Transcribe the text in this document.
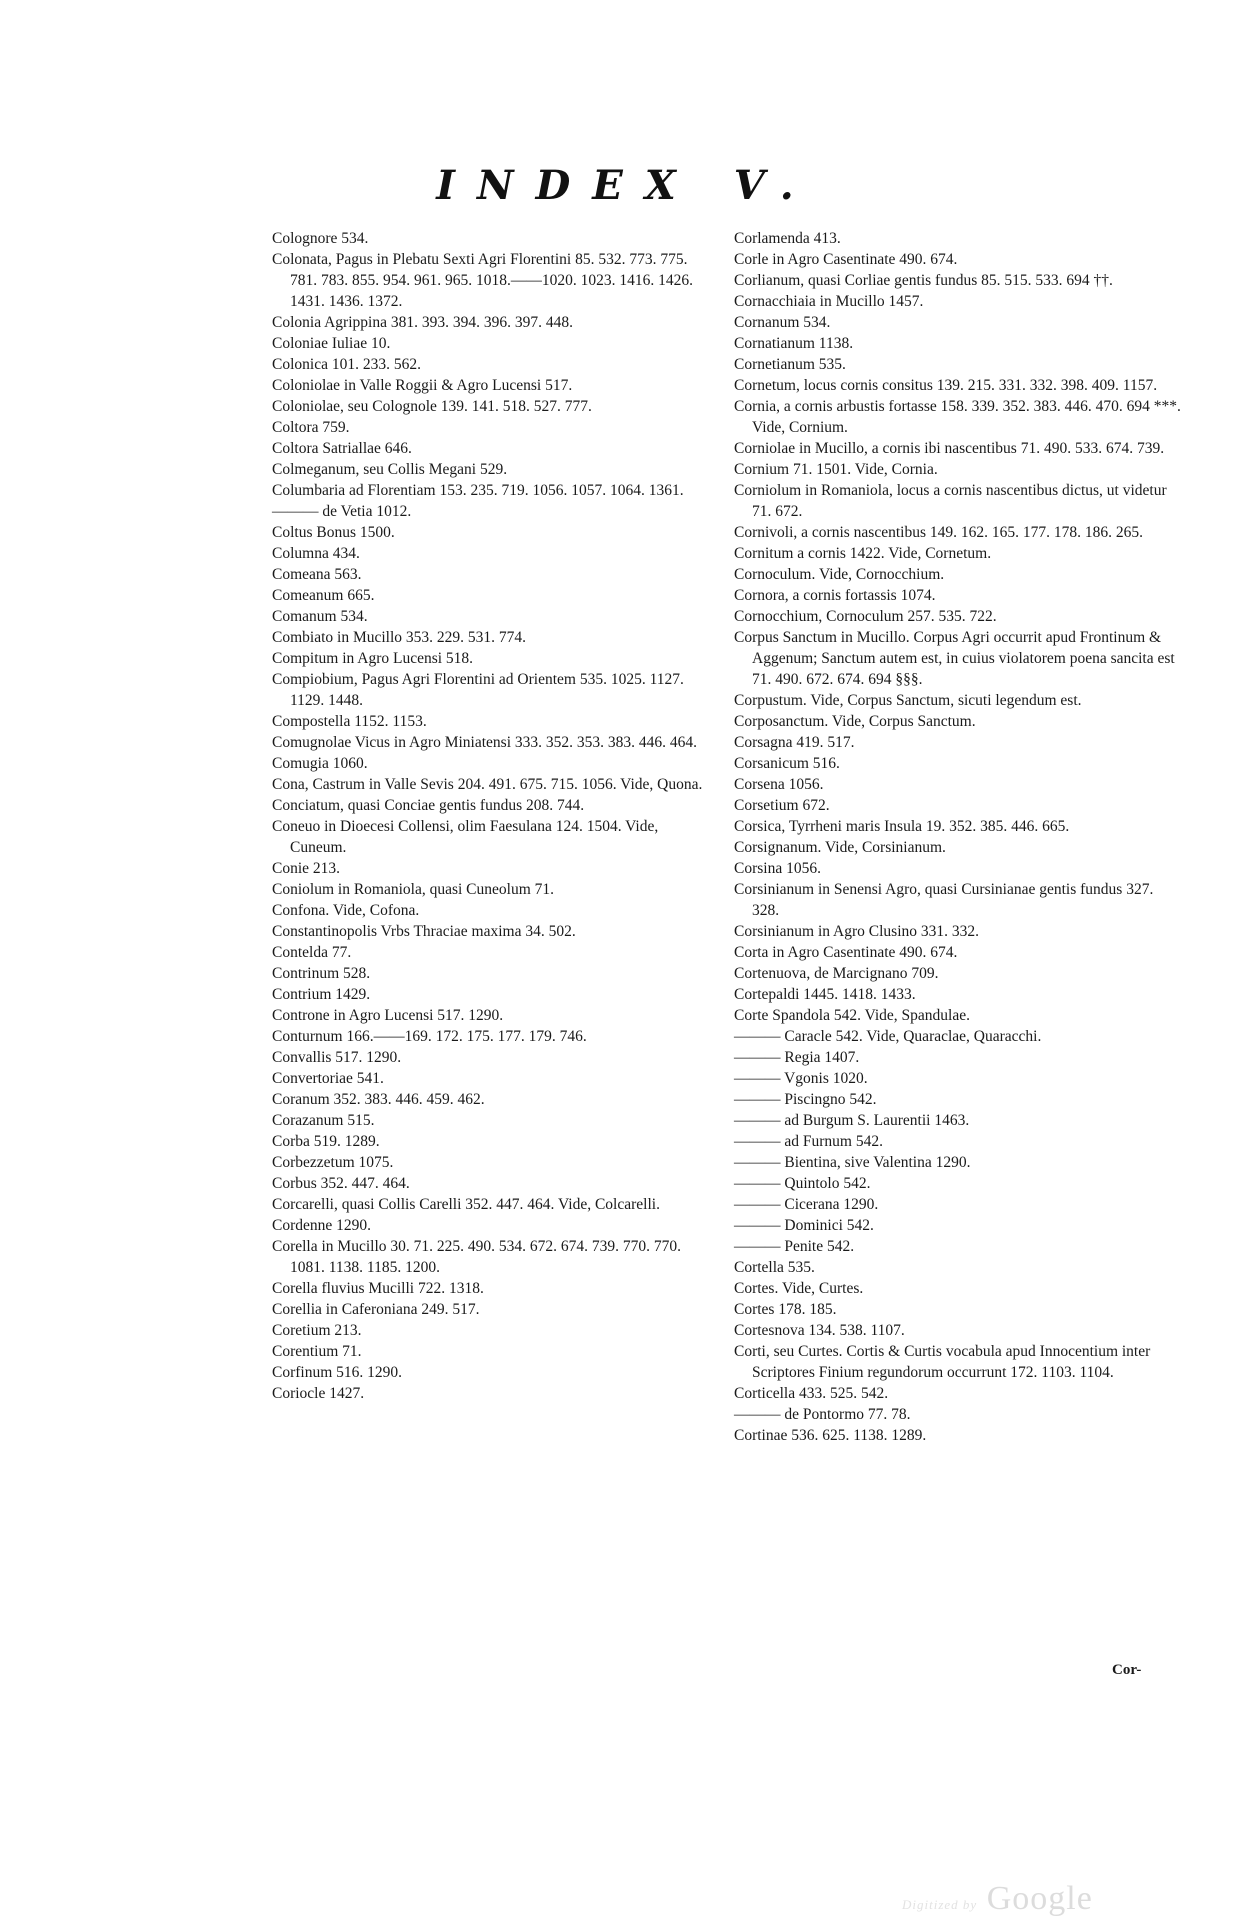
INDEX V.
Colognore 534.
Colonata, Pagus in Plebatu Sexti Agri Florentini 85. 532. 773. 775. 781. 783. 855. 954. 961. 965. 1018.——1020. 1023. 1416. 1426. 1431. 1436. 1372.
Colonia Agrippina 381. 393. 394. 396. 397. 448.
Coloniae Iuliae 10.
Colonica 101. 233. 562.
Coloniolae in Valle Roggii & Agro Lucensi 517.
Coloniolae, seu Colognole 139. 141. 518. 527. 777.
Coltora 759.
Coltora Satriallae 646.
Colmeganum, seu Collis Megani 529.
Columbaria ad Florentiam 153. 235. 719. 1056. 1057. 1064. 1361.
——— de Vetia 1012.
Coltus Bonus 1500.
Columna 434.
Comeana 563.
Comeanum 665.
Comanum 534.
Combiato in Mucillo 353. 229. 531. 774.
Compitum in Agro Lucensi 518.
Compiobium, Pagus Agri Florentini ad Orientem 535. 1025. 1127. 1129. 1448.
Compostella 1152. 1153.
Comugnolae Vicus in Agro Miniatensi 333. 352. 353. 383. 446. 464.
Comugia 1060.
Cona, Castrum in Valle Sevis 204. 491. 675. 715. 1056. Vide, Quona.
Conciatum, quasi Conciae gentis fundus 208. 744.
Coneuo in Dioecesi Collensi, olim Faesulana 124. 1504. Vide, Cuneum.
Conie 213.
Coniolum in Romaniola, quasi Cuneolum 71.
Confona. Vide, Cofona.
Constantinopolis Vrbs Thraciae maxima 34. 502.
Contelda 77.
Contrinum 528.
Contrium 1429.
Controne in Agro Lucensi 517. 1290.
Conturnum 166.——169. 172. 175. 177. 179. 746.
Convallis 517. 1290.
Convertoriae 541.
Coranum 352. 383. 446. 459. 462.
Corazanum 515.
Corba 519. 1289.
Corbezzetum 1075.
Corbus 352. 447. 464.
Corcarelli, quasi Collis Carelli 352. 447. 464. Vide, Colcarelli.
Cordenne 1290.
Corella in Mucillo 30. 71. 225. 490. 534. 672. 674. 739. 770. 770. 1081. 1138. 1185. 1200.
Corella fluvius Mucilli 722. 1318.
Corellia in Caferoniana 249. 517.
Coretium 213.
Corentium 71.
Corfinum 516. 1290.
Coriocle 1427.
Corlamenda 413.
Corle in Agro Casentinate 490. 674.
Corlianum, quasi Corliae gentis fundus 85. 515. 533. 694 ††.
Cornacchiaia in Mucillo 1457.
Cornanum 534.
Cornatianum 1138.
Cornetianum 535.
Cornetum, locus cornis consitus 139. 215. 331. 332. 398. 409. 1157.
Cornia, a cornis arbustis fortasse 158. 339. 352. 383. 446. 470. 694 ***. Vide, Cornium.
Corniolae in Mucillo, a cornis ibi nascentibus 71. 490. 533. 674. 739.
Cornium 71. 1501. Vide, Cornia.
Corniolum in Romaniola, locus a cornis nascentibus dictus, ut videtur 71. 672.
Cornivoli, a cornis nascentibus 149. 162. 165. 177. 178. 186. 265.
Cornitum a cornis 1422. Vide, Cornetum.
Cornoculum. Vide, Cornocchium.
Cornora, a cornis fortassis 1074.
Cornocchium, Cornoculum 257. 535. 722.
Corpus Sanctum in Mucillo. Corpus Agri occurrit apud Frontinum & Aggenum; Sanctum autem est, in cuius violatorem poena sancita est 71. 490. 672. 674. 694 §§§.
Corpustum. Vide, Corpus Sanctum, sicuti legendum est.
Corposanctum. Vide, Corpus Sanctum.
Corsagna 419. 517.
Corsanicum 516.
Corsena 1056.
Corsetium 672.
Corsica, Tyrrheni maris Insula 19. 352. 385. 446. 665.
Corsignanum. Vide, Corsinianum.
Corsina 1056.
Corsinianum in Senensi Agro, quasi Cursinianae gentis fundus 327. 328.
Corsinianum in Agro Clusino 331. 332.
Corta in Agro Casentinate 490. 674.
Cortenuova, de Marcignano 709.
Cortepaldi 1445. 1418. 1433.
Corte Spandola 542. Vide, Spandulae.
——— Caracle 542. Vide, Quaraclae, Quaracchi.
——— Regia 1407.
——— Vgonis 1020.
——— Piscingno 542.
——— ad Burgum S. Laurentii 1463.
——— ad Furnum 542.
——— Bientina, sive Valentina 1290.
——— Quintolo 542.
——— Cicerana 1290.
——— Dominici 542.
——— Penite 542.
Cortella 535.
Cortes. Vide, Curtes.
Cortes 178. 185.
Cortesnova 134. 538. 1107.
Corti, seu Curtes. Cortis & Curtis vocabula apud Innocentium inter Scriptores Finium regundorum occurrunt 172. 1103. 1104.
Corticella 433. 525. 542.
——— de Pontormo 77. 78.
Cortinae 536. 625. 1138. 1289.
Cor-
Digitized by Google
